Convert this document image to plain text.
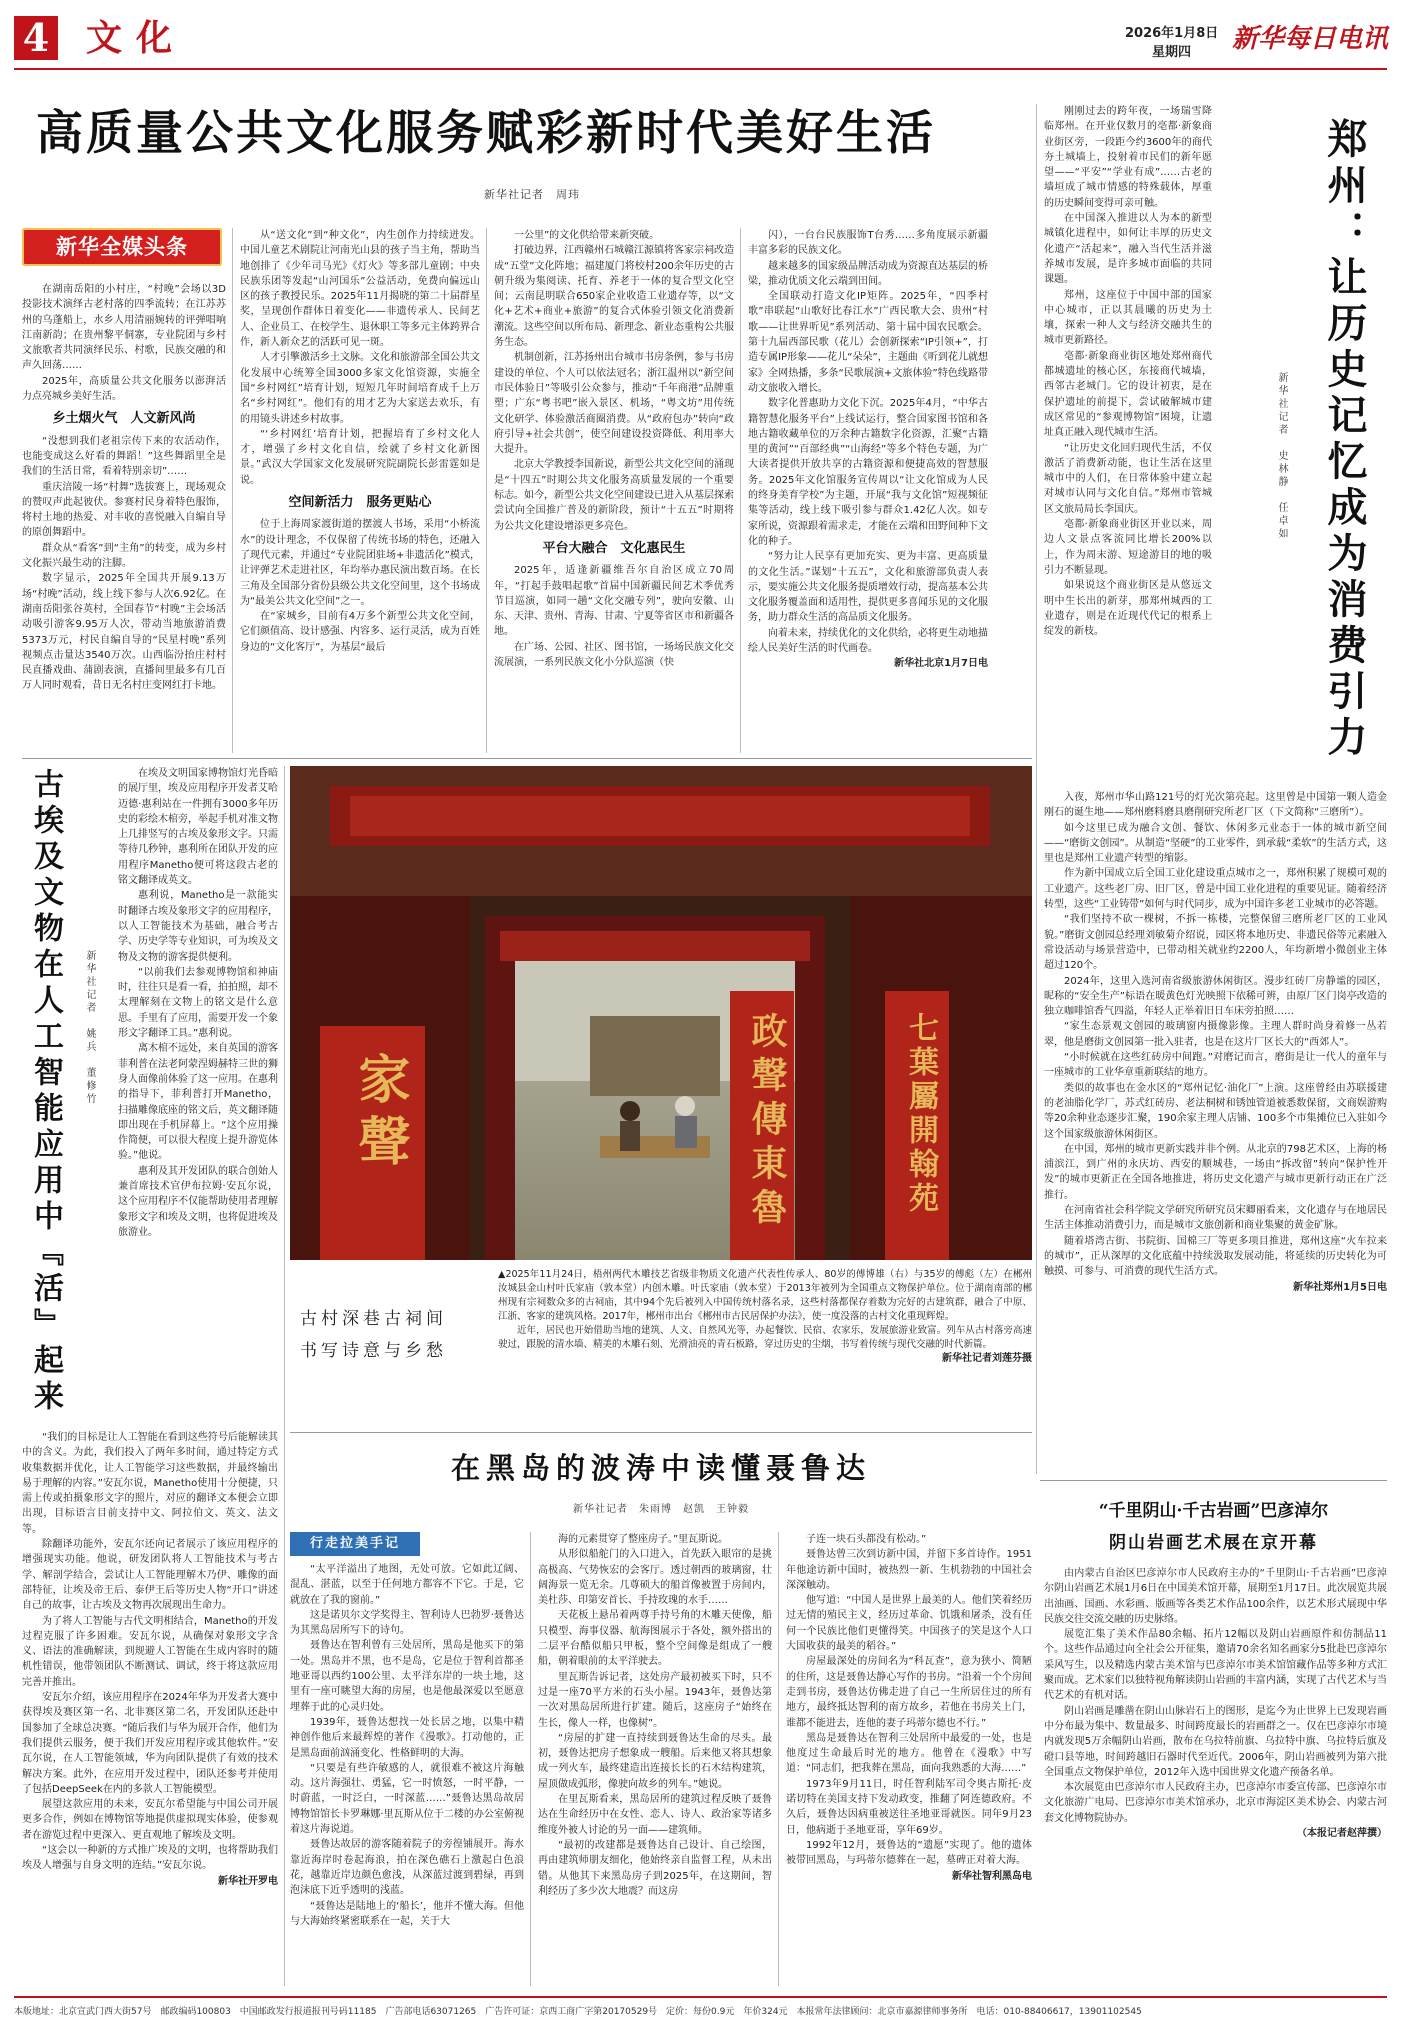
4 文化	2026年1月8日
星期四 新华每日电讯
高质量公共文化服务赋彩新时代美好生活
新华社记者　周玮
新华全媒头条

在湖南岳阳的小村庄，“村晚”会场以3D投影技术演绎古老村落的四季流转；在江苏苏州的乌蓬船上，水乡人用清丽婉转的评弹唱响江南新韵；在贵州黎平侗寨，专业院团与乡村文旅歌者共同演绎民乐、村歌，民族交融的和声久回荡……

2025年，高质量公共文化服务以澎湃活力点亮城乡美好生活。

乡土烟火气　人文新风尚

“没想到我们老祖宗传下来的农活动作，也能变成这么好看的舞蹈！”这些舞蹈里全是我们的生活日常，看着特别亲切”……

重庆涪陵一场“村舞”选拔赛上，现场观众的赞叹声此起彼伏。参赛村民身着特色服饰，将村土地的热爱、对丰收的喜悦融入自编自导的原创舞蹈中。

群众从“看客”到“主角”的转变，成为乡村文化振兴最生动的注脚。

数字显示，2025年全国共开展9.13万场“村晚”活动，线上线下参与人次6.92亿。在湖南岳阳张谷英村，全国春节“村晚”主会场活动吸引游客9.95万人次，带动当地旅游消费5373万元，村民自编自导的“民星村晚”系列视频点击量达3540万次。山西临汾抬庄村村民直播戏曲、蒲剧表演，直播间里最多有几百万人同时观看，昔日无名村庄变网红打卡地。

从“送文化”到“种文化”，内生创作力持续迸发。中国儿童艺术剧院让河南光山县的孩子当主角，帮助当地创排了《少年司马光》《灯火》等多部儿童剧；中央民族乐团等发起“山河国乐”公益活动，免费向偏远山区的孩子教授民乐。2025年11月揭晓的第二十届群星奖，呈现创作群体日着变化——非遗传承人、民间艺人、企业员工、在校学生、退休职工等多元主体跨界合作，新人新众艺的活跃可见一斑。

人才引擎激活乡土文脉。文化和旅游部全国公共文化发展中心统筹全国3000多家文化馆资源，实施全国“乡村网红”培育计划，短短几年时间培育成千上万名“乡村网红”。他们有的用才艺为大家送去欢乐，有的用镜头讲述乡村故事。

“‘乡村网红’培育计划，把握培育了乡村文化人才，增强了乡村文化自信，绘就了乡村文化新图景。”武汉大学国家文化发展研究院副院长彭雷霆如是说。

空间新活力　服务更贴心

位于上海周家渡街道的摆渡人书场，采用“小桥流水”的设计理念，不仅保留了传统书场的特色，还融入了现代元素，并通过“专业院团驻场+非遗活化”模式，让评弹艺术走进社区，年均举办惠民演出数百场。在长三角及全国部分省份县级公共文化空间里，这个书场成为“最美公共文化空间”之一。

在“家城乡，目前有4万多个新型公共文化空间，它们颜值高、设计感强、内容多、运行灵活，成为百姓身边的“文化客厅”，为基层“最后

一公里”的文化供给带来新突破。

打破边界，江西赣州石城赣江源镇将客家宗祠改造成“五堂”文化阵地；福建厦门将校村200余年历史的古朝升级为集阅读、托育、养老于一体的复合型文化空间；云南昆明联合650家企业收造工业遗存等，以“文化+艺术+商业+旅游”的复合式体验引领文化消费新潮流。这些空间以所布局、新理念、新业态重构公共服务生态。

机制创新，江苏扬州出台城市书房条例，参与书房建设的单位、个人可以依法冠名；浙江温州以“新空间市民体验日”等吸引公众参与，推动“千年商港”品牌重塑；广东“粤书吧”嵌入景区、机场，“粤文坊”用传统文化研学、体验激活商圈消费。从“政府包办”转向“政府引导+社会共创”，使空间建设投资降低、利用率大大提升。

北京大学教授李国新说，新型公共文化空间的涌现是“十四五”时期公共文化服务高质量发展的一个重要标志。如今，新型公共文化空间建设已进入从基层探索尝试向全国推广普及的新阶段，预计“十五五”时期将为公共文化建设增添更多亮色。

平台大融合　文化惠民生

2025年，适逢新疆维吾尔自治区成立70周年，“打起手鼓唱起歌”首届中国新疆民间艺术季优秀节目巡演，如同一趟“文化交融专列”，驶向安徽、山东、天津、贵州、青海、甘肃、宁夏等省区市和新疆各地。

在广场、公园、社区、图书馆，一场场民族文化交流展演，一系列民族文化小分队巡演（快

闪），一台台民族服饰T台秀……多角度展示新疆丰富多彩的民族文化。

越来越多的国家级品牌活动成为资源直达基层的桥梁，推动优质文化云端到田间。

全国联动打造文化IP矩阵。2025年，“四季村歌”串联起“山歌好比春江水”广西民歌大会、贵州“村歌——让世界听见”系列活动、第十届中国农民歌会。第十九届西部民歌（花儿）会创新探索“IP引领+”，打造专属IP形象——花儿“朵朵”，主题曲《听到花儿就想家》全网热播，多条“民歌展演+文旅体验”特色线路带动文旅收入增长。

数字化普惠助力文化下沉。2025年4月，“中华古籍智慧化服务平台”上线试运行，整合国家图书馆和各地古籍收藏单位的万余种古籍数字化资源，汇聚“古籍里的黄河”“百部经典”“山海经”等多个特色专题，为广大读者提供开放共享的古籍资源和便捷高效的智慧服务。2025年文化馆服务宣传周以“让文化馆成为人民的终身美育学校”为主题，开展“我与文化馆”短视频征集等活动，线上线下吸引参与群众1.42亿人次。如专家所说，资源跟着需求走，才能在云端和田野间种下文化的种子。

“努力让人民享有更加充实、更为丰富、更高质量的文化生活。”谋划“十五五”，文化和旅游部负责人表示，要实施公共文化服务提质增效行动，提高基本公共文化服务覆盖面和适用性，提供更多喜闻乐见的文化服务，助力群众生活的高品质文化服务。

向着未来，持续优化的文化供给，必将更生动地描绘人民美好生活的时代画卷。

新华社北京1月7日电

刚刚过去的跨年夜，一场瑞雪降临郑州。在开业仅数月的亳都·新象商业街区旁，一段距今约3600年的商代夯土城墙上，投射着市民们的新年愿望——“平安”“学业有成”……古老的墙垣成了城市情感的特殊载体，厚重的历史瞬间变得可亲可触。

在中国深入推进以人为本的新型城镇化进程中，如何让丰厚的历史文化遗产“活起来”，融入当代生活并滋养城市发展，是许多城市面临的共同课题。

郑州，这座位于中国中部的国家中心城市，正以其晨曦的历史为土壤，探索一种人文与经济交融共生的城市更新路径。

亳都·新象商业街区地处郑州商代都城遗址的核心区，东接商代城墙，西邻古老城门。它的设计初衷，是在保护遗址的前提下，尝试破解城市建成区常见的“参观博物馆”困境，让遗址真正融入现代城市生活。

“让历史文化回归现代生活，不仅激活了消费新动能，也让生活在这里城市中的人们，在日常体验中建立起对城市认同与文化自信。”郑州市管城区文旅局局长李国庆。

亳都·新象商业街区开业以来，周边人文景点客流同比增长200%以上，作为周末游、短途游目的地的吸引力不断显现。

如果说这个商业街区是从悠远文明中生长出的新芽，那郑州城西的工业遗存，则是在近现代代记的根系上绽发的新枝。	郑州：让历史记忆成为消费引力
新华社记者　史林静　任卓如

入夜，郑州市华山路121号的灯光次第亮起。这里曾是中国第一颗人造金刚石的诞生地——郑州磨料磨具磨削研究所老厂区（下文简称“三磨所”）。

如今这里已成为融合文创、餐饮、休闲多元业态于一体的城市新空间——“磨街文创园”。从制造“坚硬”的工业零件，到承载“柔软”的生活方式，这里也是郑州工业遗产转型的缩影。

作为新中国成立后全国工业化建设重点城市之一，郑州积累了规模可观的工业遗产。这些老厂房、旧厂区，曾是中国工业化进程的重要见证。随着经济转型，这些“工业铸带”如何与时代同步，成为中国许多老工业城市的必答题。

“我们坚持不砍一棵树，不拆一栋楼，完整保留三磨所老厂区的工业风貌。”磨街文创园总经理刘敏菊介绍说，园区将本地历史、非遗民俗等元素融入常设活动与场景营造中，已带动相关就业约2200人，年均新增小微创业主体超过120个。

2024年，这里入选河南省级旅游休闲街区。漫步红砖厂房静谧的园区，昵称的“安全生产”标语在暖黄色灯光映照下依稀可辨，由原厂区门岗亭改造的独立咖啡馆香气四溢，年轻人正举着旧日车床旁拍照……

“家生态景观文创园的玻璃窗内摄像影像。主理人群时尚身着修一丛若翠，他是磨街文创园第一批入驻者，也是在这片厂区长大的“西郊人”。

“小时候就在这些红砖房中间跑。”对磨记而言，磨街是让一代人的童年与一座城市的工业华章重新联结的地方。

类似的故事也在金水区的“郑州记忆·油化厂”上演。这座曾经由苏联援建的老油脂化学厂，苏式红砖房、老法桐树和锈蚀管道被悉数保留，文商娱游购等20余种业态逐步汇聚，190余家主理人店铺、100多个市集摊位已入驻如今这个国家级旅游休闲街区。

在中国，郑州的城市更新实践并非个例。从北京的798艺术区，上海的杨浦滨江，到广州的永庆坊、西安的顺城巷，一场由“拆改留”转向“保护性开发”的城市更新正在全国各地推进，将历史文化遗产与城市更新行动正在广泛推行。

在河南省社会科学院文学研究所研究员宋卿丽看来，文化遗存与在地居民生活主体推动消费引力，而是城市文旅创新和商业集聚的黄金矿脉。

随着塔湾古街、书院街、国棉三厂等更多项目推进，郑州这座“火车拉来的城市”，正从深厚的文化底蕴中持续汲取发展动能，将延续的历史转化为可触摸、可参与、可消费的现代生活方式。

新华社郑州1月5日电
古埃及文物在人工智能应用中『活』起来 新华社记者　姚兵　董修竹

在埃及文明国家博物馆灯光昏暗的展厅里，埃及应用程序开发者艾哈迈德·惠利站在一件拥有3000多年历史的彩绘木棺旁，举起手机对准文物上几排竖写的古埃及象形文字。只需等待几秒钟，惠利所在团队开发的应用程序Manetho便可将这段古老的铭文翻译成英文。

惠利说，Manetho是一款能实时翻译古埃及象形文字的应用程序，以人工智能技术为基础，融合考古学、历史学等专业知识，可为埃及文物及文物的游客提供便利。

“以前我们去参观博物馆和神庙时，往往只是看一看，拍拍照，却不太理解刻在文物上的铭文是什么意思。手里有了应用，需要开发一个象形文字翻译工具。”惠利说。

离木棺不远处，来自英国的游客菲利普在法老阿蒙涅姆赫特三世的狮身人面像前体验了这一应用。在惠利的指导下，菲利普打开Manetho，扫描雕像底座的铭文后，英文翻译随即出现在手机屏幕上。“这个应用操作简便，可以很大程度上提升游览体验。”他说。

惠利及其开发团队的联合创始人兼首席技术官伊布拉姆·安瓦尔说，这个应用程序不仅能帮助使用者理解象形文字和埃及文明，也将促进埃及旅游业。

“我们的目标是让人工智能在看到这些符号后能解读其中的含义。为此，我们投入了两年多时间，通过特定方式收集数据并优化，让人工智能学习这些数据，并最终输出易于理解的内容。”安瓦尔说，Manetho使用十分便捷，只需上传或拍摄象形文字的照片，对应的翻译文本便会立即出现，目标语言目前支持中文、阿拉伯文、英文、法文等。

除翻译功能外，安瓦尔还向记者展示了该应用程序的增强现实功能。他说，研发团队将人工智能技术与考古学、解剖学结合，尝试让人工智能理解木乃伊、雕像的面部特征，让埃及帝王后、泰伊王后等历史人物“开口”讲述自己的故事，让古埃及文物再次展现出生命力。

为了将人工智能与古代文明相结合，Manetho的开发过程克服了许多困难。安瓦尔说，从确保对象形文字含义、语法的准确解读，到规避人工智能在生成内容时的随机性错误，他带领团队不断测试、调试，终于将这款应用完善并推出。

安瓦尔介绍，该应用程序在2024年华为开发者大赛中获得埃及赛区第一名、北非赛区第二名，开发团队还赴中国参加了全球总决赛。“随后我们与华为展开合作，他们为我们提供云服务，便于我们开发应用程序或其他软件。”安瓦尔说，在人工智能领域，华为向团队提供了有效的技术解决方案。此外，在应用开发过程中，团队还参考并使用了包括DeepSeek在内的多款人工智能模型。

展望这款应用的未来，安瓦尔希望能与中国公司开展更多合作，例如在博物馆等地提供虚拟现实体验，使参观者在游览过程中更深入、更直观地了解埃及文明。

“这会以一种新的方式推广埃及的文明，也将帮助我们埃及人增强与自身文明的连结。”安瓦尔说。

新华社开罗电
家聲	政聲傳東魯	七葉屬開翰苑
古村深巷古祠间
书写诗意与乡愁
▲2025年11月24日，梧州两代木雕技艺省级非物质文化遗产代表性传承人、80岁的傅博雄（右）与35岁的傅彪（左）在郴州汝城县金山村叶氏家庙（敦本堂）内创木雕。叶氏家庙（敦本堂）于2013年被列为全国重点文物保护单位。位于湖南南部的郴州现有宗祠数众多的古祠庙，其中94个先后被列入中国传统村落名录，这些村落都保存着数为完好的古建筑群，融合了中原、江浙、客家的建筑风格。2017年，郴州市出台《郴州市古民居保护办法》，使一度没落的古村文化重现辉煌。
近年，居民也开始借助当地的建筑、人文、自然风光等，办起餐饮、民宿、农家乐，发展旅游业致富。列车从古村落旁高速驶过，跟脱的清水墙、精美的木雕石刻、光滑油亮的青石板路，穿过历史的尘烟，书写着传统与现代交融的时代新篇。
新华社记者刘莲芬摄
在黑岛的波涛中读懂聂鲁达
新华社记者　朱雨博　赵凯　王钟毅
行走拉美手记

“太平洋溢出了地图，无处可放。它如此辽阔、混乱、湛蓝，以至于任何地方都容不下它。于是，它就放在了我的窗前。”

这是诺贝尔文学奖得主、智利诗人巴勃罗·聂鲁达为其黑岛居所写下的诗句。

聂鲁达在智利曾有三处居所，黑岛是他买下的第一处。黑岛并不黑，也不是岛，它是位于智利首都圣地亚哥以西约100公里、太平洋东岸的一块土地，这里有一座可眺望大海的房屋，也是他最深爱以至愿意埋葬于此的心灵归处。

1939年，聂鲁达想找一处长居之地，以集中精神创作他后来最辉煌的著作《漫歌》。打动他的，正是黑岛面前汹涌变化、性格鲜明的大海。

“只要是有些许敏感的人，就很难不被这片海触动。这片海强壮、勇猛，它一时愤怒，一时平静，一时蔚蓝，一时泛白，一时深蓝……”聂鲁达黑岛故居博物馆馆长卡罗琳娜·里瓦斯从位于二楼的办公室俯视着这片海说道。

聂鲁达故居的游客随着院子的旁徨铺展开。海水靠近海岸时卷起海浪，拍在深色礁石上激起白色浪花，越靠近岸边颜色愈浅，从深蓝过渡到碧绿，再到泡沫底下近乎透明的浅蓝。

“聂鲁达是陆地上的‘船长’，他并不懂大海。但他与大海始终紧密联系在一起，关于大

海的元素贯穿了整座房子。”里瓦斯说。

从形似船舵门的入口进入，首先跃入眼帘的是挑高极高、气势恢宏的会客厅。透过朝西的玻璃窗，壮阔海景一览无余。几尊硕大的船首像被置于房间内，美杜莎、印第安首长、手持玫瑰的水手……

天花板上悬吊着两尊手持号角的木雕天使像，船只模型、海事仪器、航海图展示于各处，额外搭出的二层平台酷似船只甲板，整个空间像是组成了一艘船，朝着眼前的太平洋驶去。

里瓦斯告诉记者，这处房产最初被买下时，只不过是一座70平方米的石头小屋。1943年，聂鲁达第一次对黑岛居所进行扩建。随后，这座房子“始终在生长，像人一样，也像树”。

“房屋的扩建一直持续到聂鲁达生命的尽头。最初，聂鲁达把房子想象成一艘船。后来他又将其想象成一列火车，最终建造出连接长长的石木结构建筑，屋顶做成弧形，像驶向故乡的列车。”她说。

在里瓦斯看来，黑岛居所的建筑过程反映了聂鲁达在生命经历中在女性、恋人、诗人、政治家等诸多维度外被人讨论的另一面——建筑师。

“最初的改建都是聂鲁达自己设计、自己绘图，再由建筑师朋友细化，他始终亲自监督工程，从未出错。从他其下来黑岛房子到2025年，在这期间，智利经历了多少次大地震？而这房

子连一块石头都没有松动。”

聂鲁达曾三次到访新中国，并留下多首诗作。1951年他途访新中国时，被热烈一新、生机勃勃的中国社会深深触动。

他写道：“中国人是世界上最美的人。他们笑着经历过无情的殖民主义，经历过革命、饥饿和屠杀，没有任何一个民族比他们更懂得笑。中国孩子的笑是这个人口大国收获的最美的稻谷。”

房屋最深处的房间名为“科瓦查”，意为狭小、简陋的住所，这是聂鲁达静心写作的书房。“沿着一个个房间走到书房，聂鲁达仿佛走进了自己一生所居住过的所有地方，最终抵达智利的南方故乡，若他在书房关上门，谁都不能进去，连他的妻子玛蒂尔德也不行。”

黑岛是聂鲁达在智利三处居所中最爱的一处，也是他度过生命最后时光的地方。他曾在《漫歌》中写道：“同志们，把我葬在黑岛，面向我熟悉的大海……”

1973年9月11日，时任智利陆军司令奥古斯托·皮诺切特在美国支持下发动政变，推翻了阿连德政府。不久后，聂鲁达因病重被送往圣地亚哥就医。同年9月23日，他病逝于圣地亚哥，享年69岁。

1992年12月，聂鲁达的“遗愿”实现了。他的遗体被带回黑岛，与玛蒂尔德葬在一起，墓碑正对着大海。

新华社智利黑岛电
“千里阴山·千古岩画”巴彦淖尔
阴山岩画艺术展在京开幕

由内蒙古自治区巴彦淖尔市人民政府主办的“千里阴山·千古岩画”巴彦淖尔阴山岩画艺术展1月6日在中国美术馆开幕，展期至1月17日。此次展览共展出油画、国画、水彩画、版画等各类艺术作品100余件，以艺术形式展现中华民族交往交流交融的历史脉络。

展览汇集了美术作品80余幅、拓片12幅以及阴山岩画原件和仿制品11个。这些作品通过向全社会公开征集，邀请70余名知名画家分5批赴巴彦淖尔采风写生，以及精选内蒙古美术馆与巴彦淖尔市美术馆馆藏作品等多种方式汇聚而成。艺术家们以独特视角解读阴山岩画的丰富内涵，实现了古代艺术与当代艺术的有机对话。

阴山岩画是雕凿在阴山山脉岩石上的图形，是迄今为止世界上已发现岩画中分布最为集中、数量最多、时间跨度最长的岩画群之一。仅在巴彦淖尔市境内就发现5万余幅阴山岩画，散布在乌拉特前旗、乌拉特中旗、乌拉特后旗及磴口县等地，时间跨越旧石器时代至近代。2006年，阴山岩画被列为第六批全国重点文物保护单位，2012年入选中国世界文化遗产预备名单。

本次展览由巴彦淖尔市人民政府主办，巴彦淖尔市委宣传部、巴彦淖尔市文化旅游广电局、巴彦淖尔市美术馆承办，北京市海淀区美术协会、内蒙古河套文化博物院协办。

（本报记者赵萍撰）
本版地址：北京宣武门西大街57号　邮政编码100803　中国邮政发行报道报刊号码11185　广告部电话63071265　广告许可证：京西工商广字第20170529号　定价：每份0.9元　年价324元　本报常年法律顾问：北京市嘉源律师事务所　电话：010-88406617，13901102545
